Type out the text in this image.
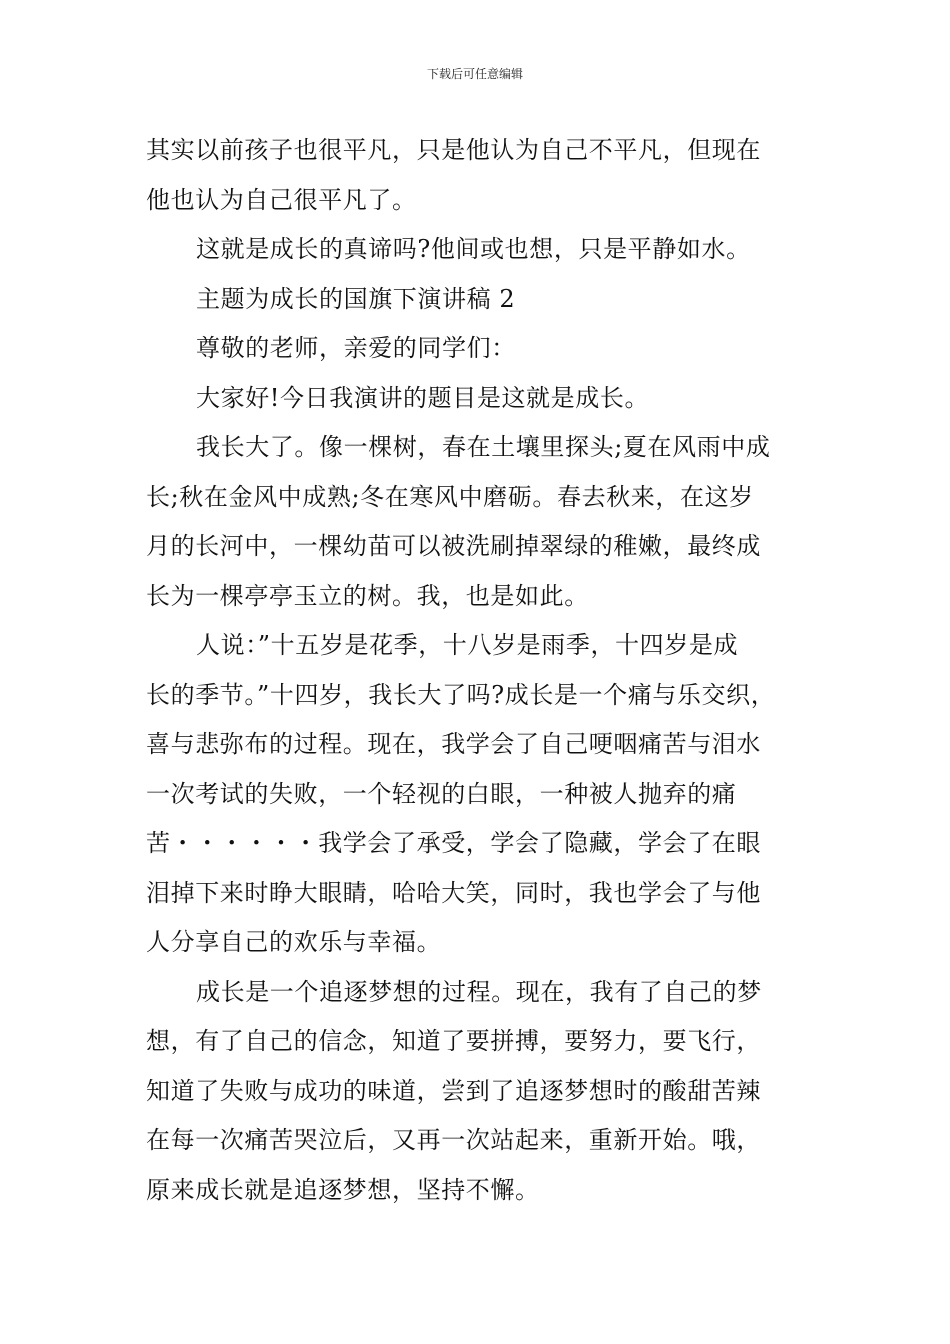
下载后可任意编辑
其实以前孩子也很平凡，只是他认为自己不平凡，但现在
他也认为自己很平凡了。
这就是成长的真谛吗?他间或也想，只是平静如水。
主题为成长的国旗下演讲稿 2
尊敬的老师，亲爱的同学们：
大家好!今日我演讲的题目是这就是成长。
我长大了。像一棵树，春在土壤里探头;夏在风雨中成
长;秋在金风中成熟;冬在寒风中磨砺。春去秋来，在这岁
月的长河中，一棵幼苗可以被洗刷掉翠绿的稚嫩，最终成
长为一棵亭亭玉立的树。我，也是如此。
人说：”十五岁是花季，十八岁是雨季，十四岁是成
长的季节。”十四岁，我长大了吗?成长是一个痛与乐交织，
喜与悲弥布的过程。现在，我学会了自己哽咽痛苦与泪水
一次考试的失败，一个轻视的白眼，一种被人抛弃的痛
苦・・・・・・我学会了承受，学会了隐藏，学会了在眼
泪掉下来时睁大眼睛，哈哈大笑，同时，我也学会了与他
人分享自己的欢乐与幸福。
成长是一个追逐梦想的过程。现在，我有了自己的梦
想，有了自己的信念，知道了要拼搏，要努力，要飞行，
知道了失败与成功的味道，尝到了追逐梦想时的酸甜苦辣
在每一次痛苦哭泣后，又再一次站起来，重新开始。哦，
原来成长就是追逐梦想，坚持不懈。
